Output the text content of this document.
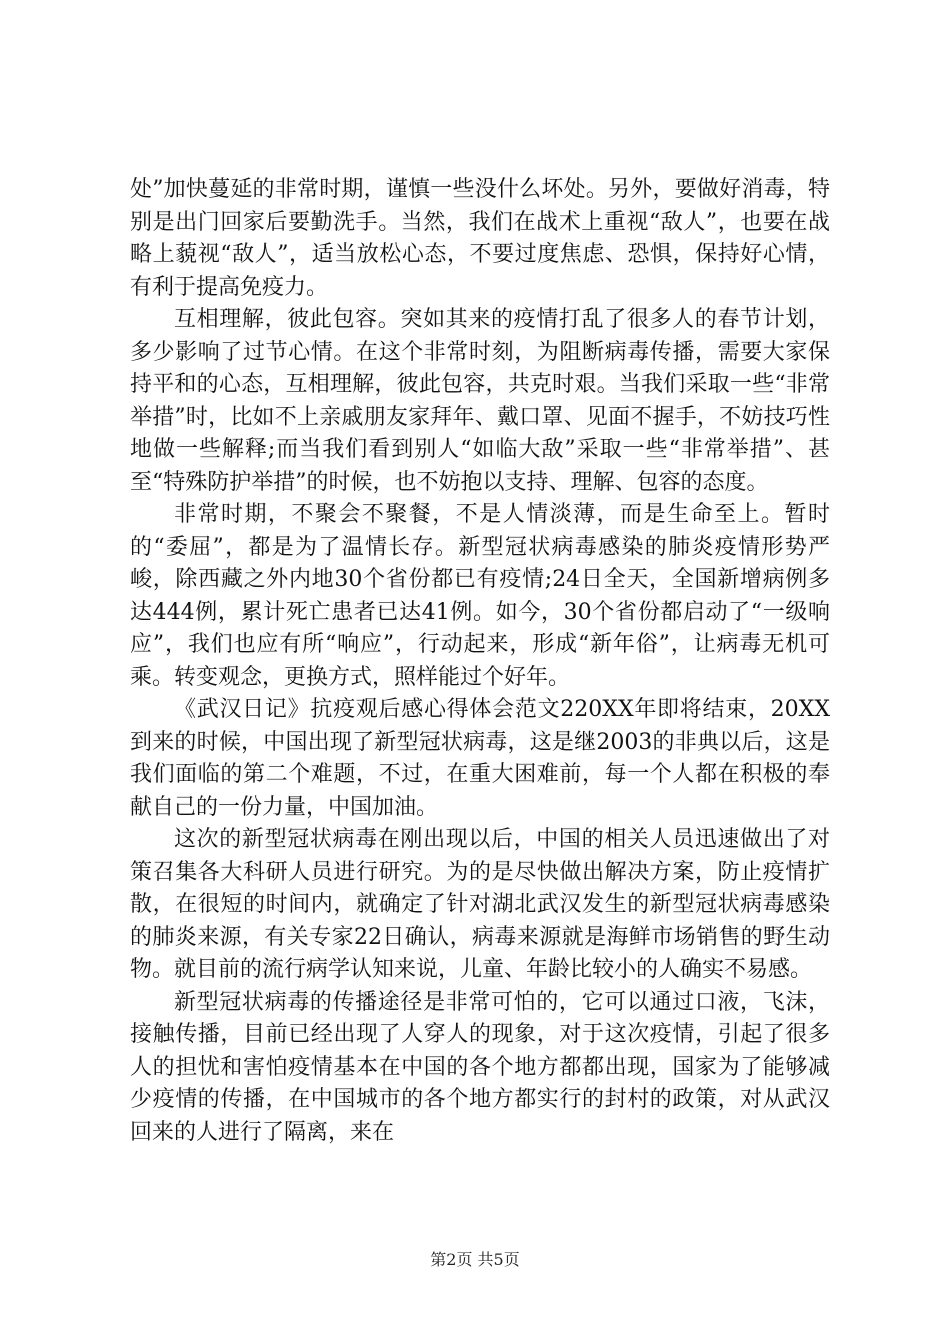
处”加快蔓延的非常时期，谨慎一些没什么坏处。另外，要做好消毒，特别是出门回家后要勤洗手。当然，我们在战术上重视“敌人”，也要在战略上藐视“敌人”，适当放松心态，不要过度焦虑、恐惧，保持好心情，有利于提高免疫力。

互相理解，彼此包容。突如其来的疫情打乱了很多人的春节计划，多少影响了过节心情。在这个非常时刻，为阻断病毒传播，需要大家保持平和的心态，互相理解，彼此包容，共克时艰。当我们采取一些“非常举措”时，比如不上亲戚朋友家拜年、戴口罩、见面不握手，不妨技巧性地做一些解释;而当我们看到别人“如临大敌”采取一些“非常举措”、甚至“特殊防护举措”的时候，也不妨抱以支持、理解、包容的态度。

非常时期，不聚会不聚餐，不是人情淡薄，而是生命至上。暂时的“委屈”，都是为了温情长存。新型冠状病毒感染的肺炎疫情形势严峻，除西藏之外内地30个省份都已有疫情;24日全天，全国新增病例多达444例，累计死亡患者已达41例。如今，30个省份都启动了“一级响应”，我们也应有所“响应”，行动起来，形成“新年俗”，让病毒无机可乘。转变观念，更换方式，照样能过个好年。

《武汉日记》抗疫观后感心得体会范文220XX年即将结束，20XX到来的时候，中国出现了新型冠状病毒，这是继2003的非典以后，这是我们面临的第二个难题，不过，在重大困难前，每一个人都在积极的奉献自己的一份力量，中国加油。

这次的新型冠状病毒在刚出现以后，中国的相关人员迅速做出了对策召集各大科研人员进行研究。为的是尽快做出解决方案，防止疫情扩散，在很短的时间内，就确定了针对湖北武汉发生的新型冠状病毒感染的肺炎来源，有关专家22日确认，病毒来源就是海鲜市场销售的野生动物。就目前的流行病学认知来说，儿童、年龄比较小的人确实不易感。

新型冠状病毒的传播途径是非常可怕的，它可以通过口液，飞沫，接触传播，目前已经出现了人穿人的现象，对于这次疫情，引起了很多人的担忧和害怕疫情基本在中国的各个地方都都出现，国家为了能够减少疫情的传播，在中国城市的各个地方都实行的封村的政策，对从武汉回来的人进行了隔离，来在

第2页 共5页
